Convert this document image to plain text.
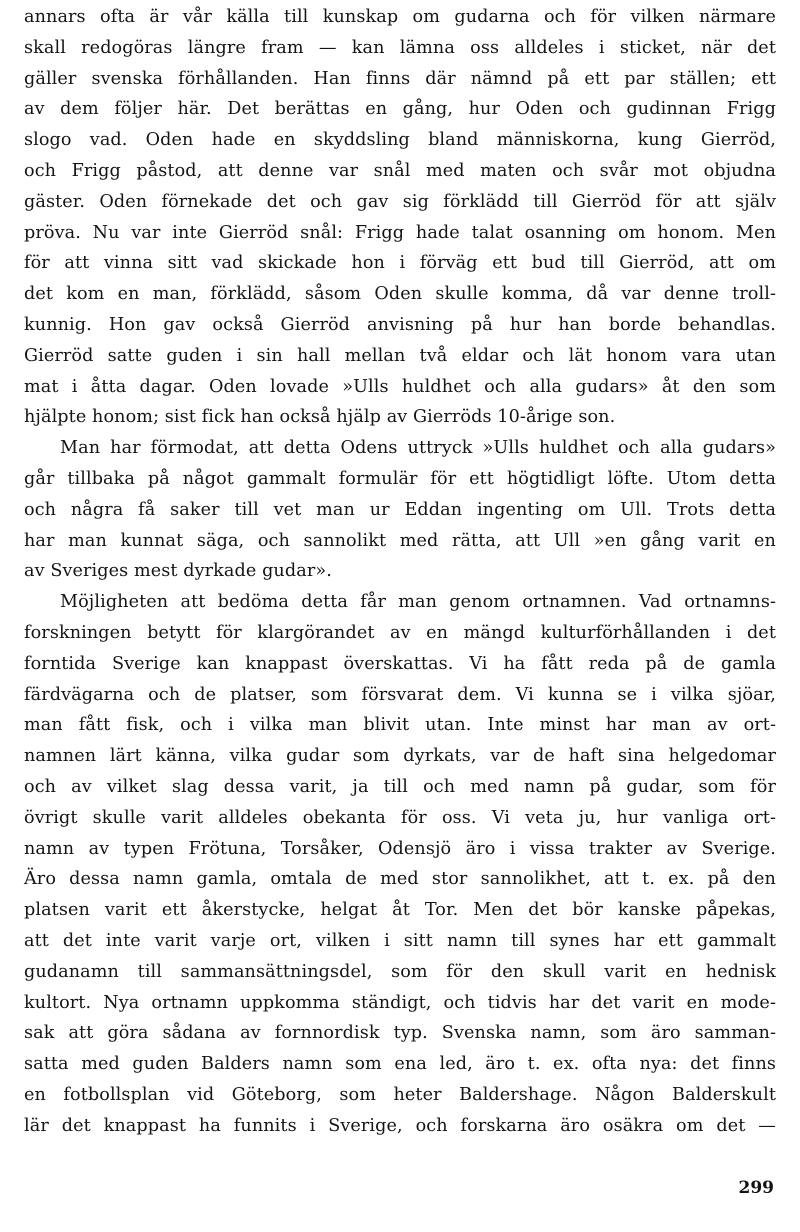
annars ofta är vår källa till kunskap om gudarna och för vilken närmare
skall redogöras längre fram — kan lämna oss alldeles i sticket, när det
gäller svenska förhållanden. Han finns där nämnd på ett par ställen; ett
av dem följer här. Det berättas en gång, hur Oden och gudinnan Frigg
slogo vad. Oden hade en skyddsling bland människorna, kung Gierröd,
och Frigg påstod, att denne var snål med maten och svår mot objudna
gäster. Oden förnekade det och gav sig förklädd till Gierröd för att själv
pröva. Nu var inte Gierröd snål: Frigg hade talat osanning om honom. Men
för att vinna sitt vad skickade hon i förväg ett bud till Gierröd, att om
det kom en man, förklädd, såsom Oden skulle komma, då var denne troll-
kunnig. Hon gav också Gierröd anvisning på hur han borde behandlas.
Gierröd satte guden i sin hall mellan två eldar och lät honom vara utan
mat i åtta dagar. Oden lovade »Ulls huldhet och alla gudars» åt den som
hjälpte honom; sist fick han också hjälp av Gierröds 10-årige son.
Man har förmodat, att detta Odens uttryck »Ulls huldhet och alla gudars»
går tillbaka på något gammalt formulär för ett högtidligt löfte. Utom detta
och några få saker till vet man ur Eddan ingenting om Ull. Trots detta
har man kunnat säga, och sannolikt med rätta, att Ull »en gång varit en
av Sveriges mest dyrkade gudar».
Möjligheten att bedöma detta får man genom ortnamnen. Vad ortnamns-
forskningen betytt för klargörandet av en mängd kulturförhållanden i det
forntida Sverige kan knappast överskattas. Vi ha fått reda på de gamla
färdvägarna och de platser, som försvarat dem. Vi kunna se i vilka sjöar,
man fått fisk, och i vilka man blivit utan. Inte minst har man av ort-
namnen lärt känna, vilka gudar som dyrkats, var de haft sina helgedomar
och av vilket slag dessa varit, ja till och med namn på gudar, som för
övrigt skulle varit alldeles obekanta för oss. Vi veta ju, hur vanliga ort-
namn av typen Frötuna, Torsåker, Odensjö äro i vissa trakter av Sverige.
Äro dessa namn gamla, omtala de med stor sannolikhet, att t. ex. på den
platsen varit ett åkerstycke, helgat åt Tor. Men det bör kanske påpekas,
att det inte varit varje ort, vilken i sitt namn till synes har ett gammalt
gudanamn till sammansättningsdel, som för den skull varit en hednisk
kultort. Nya ortnamn uppkomma ständigt, och tidvis har det varit en mode-
sak att göra sådana av fornnordisk typ. Svenska namn, som äro samman-
satta med guden Balders namn som ena led, äro t. ex. ofta nya: det finns
en fotbollsplan vid Göteborg, som heter Baldershage. Någon Balderskult
lär det knappast ha funnits i Sverige, och forskarna äro osäkra om det —
299
